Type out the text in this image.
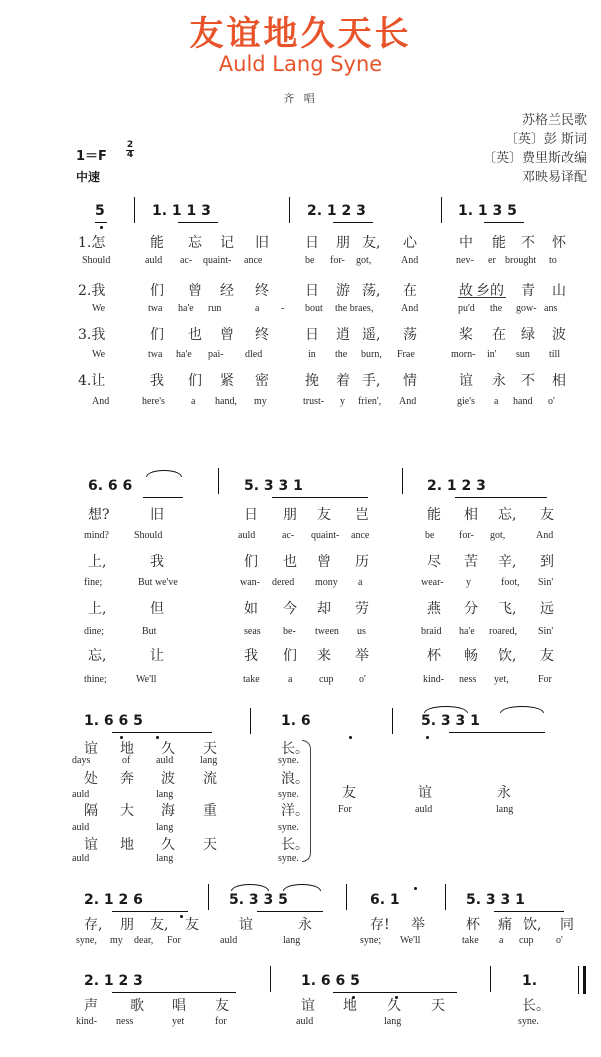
友谊地久天长
Auld Lang Syne
齐 唱
苏格兰民歌
〔英〕彭 斯词
〔英〕费里斯改编
邓映易译配
1＝F
2
4
中速
5	1. 1 1 3	2. 1 2 3	1. 1 3 5
1.怎	能 忘 记 旧	日 朋 友, 心	中 能 不 怀
Should	auld ac- quaint- ance	be for- got,	And	nev- er brought to
2.我	们 曾 经 终	日 游 荡, 在	故 乡的 青 山
We	twa ha'e run	a - bout the braes,	And	pu'd the gow- ans
3.我	们 也 曾 终	日 逍 遥, 荡	桨 在 绿 波
We	twa ha'e pai- dled	in the burn, Frae	morn- in' sun till
4.让	我 们 紧 密	挽 着 手, 情	谊 永 不 相
And	here's	a hand, my	trust- y frien', And	gie's a hand o'
6. 6 6	5. 3 3 1	2. 1 2 3
想?	旧	日 朋 友 岂	能 相 忘, 友
mind?	Should	auld	ac- quaint- ance	be for- got,	And
上,	我	们 也 曾 历	尽 苦 辛, 到
fine;	But we've	wan- dered mony a	wear- y	foot, Sin'
上,	但	如 今 却 劳	燕 分 飞, 远
dine;	But	seas be- tween us	braid ha'e roared, Sin'
忘,	让	我 们 来 举	杯 畅 饮, 友
thine;	We'll	take	a	cup	o'	kind- ness yet,	For
1. 6 6 5	1. 6	5. 3 3 1
谊 地 久 天	长。
days	of	auld	lang	syne.
处 奔 波 流	浪。
auld	lang	syne.
隔 大 海 重	洋。
auld	lang	syne.
谊 地 久 天	长。
auld	lang	syne.
友	谊	永
For	auld	lang
2. 1 2 6	5. 3 3 5	6. 1	5. 3 3 1
存, 朋 友, 友	谊	永	存! 举	杯 痛 饮, 同
syne, my dear, For	auld	lang	syne; We'll	take a cup o'
2. 1 2 3	1. 6 6 5	1.
声 歌 唱 友	谊 地 久 天	长。
kind- ness	yet	for	auld	lang	syne.
